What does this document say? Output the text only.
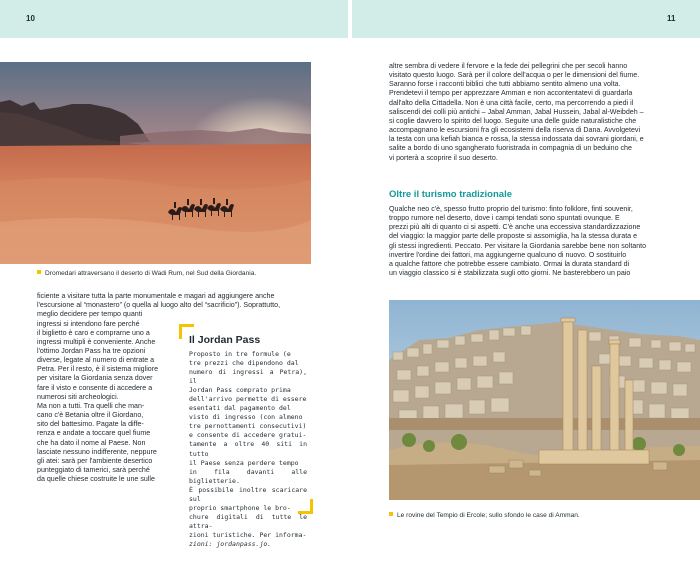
10	11
Dromedari attraversano il deserto di Wadi Rum, nel Sud della Giordania.

ficiente a visitare tutta la parte monumentale e magari ad aggiungere anche

l'escursione al “monastero” (o quella al luogo alto del “sacrificio”). Soprattutto,

meglio decidere per tempo quanti

ingressi si intendono fare perché

il biglietto è caro e comprarne uno a

ingressi multipli è conveniente. Anche

l'ottimo Jordan Pass ha tre opzioni

diverse, legate al numero di entrate a

Petra. Per il resto, è il sistema migliore

per visitare la Giordania senza dover

fare il visto e consente di accedere a

numerosi siti archeologici.

Ma non a tutti. Tra quelli che man-

cano c'è Betania oltre il Giordano,

sito del battesimo. Pagate la diffe-

renza e andate a toccare quel fiume

che ha dato il nome al Paese. Non

lasciate nessuno indifferente, neppure

gli atei: sarà per l'ambiente desertico

punteggiato di tamerici, sarà perché

da quelle chiese costruite le une sulle

Il Jordan Pass
Proposto in tre formule (e
tre prezzi che dipendono dal
numero di ingressi a Petra), il
Jordan Pass comprato prima
dell'arrivo permette di essere
esentati dal pagamento del
visto di ingresso (con almeno
tre pernottamenti consecutivi)
e consente di accedere gratui-
tamente a oltre 40 siti in tutto
il Paese senza perdere tempo
in fila davanti alle biglietterie.
È possibile inoltre scaricare sul
proprio smartphone le bro-
chure digitali di tutte le attra-
zioni turistiche. Per informa-
zioni: jordanpass.jo.

altre sembra di vedere il fervore e la fede dei pellegrini che per secoli hanno

visitato questo luogo. Sarà per il colore dell'acqua o per le dimensioni del fiume.

Saranno forse i racconti biblici che tutti abbiamo sentito almeno una volta.

Prendetevi il tempo per apprezzare Amman e non accontentatevi di guardarla

dall'alto della Cittadella. Non è una città facile, certo, ma percorrendo a piedi il

saliscendi dei colli più antichi – Jabal Amman, Jabal Hussein, Jabal al-Weibdeh –

si coglie davvero lo spirito del luogo. Seguite una delle guide naturalistiche che

accompagnano le escursioni fra gli ecosistemi della riserva di Dana. Avvolgetevi

la testa con una kefiah bianca e rossa, la stessa indossata dai sovrani giordani, e

salite a bordo di uno sgangherato fuoristrada in compagnia di un beduino che

vi porterà a scoprire il suo deserto.

Oltre il turismo tradizionale

Qualche neo c'è, spesso frutto proprio del turismo: finto folklore, finti souvenir,

troppo rumore nel deserto, dove i campi tendati sono spuntati ovunque. E

prezzi più alti di quanto ci si aspetti. C'è anche una eccessiva standardizzazione

del viaggio: la maggior parte delle proposte si assomiglia, ha la stessa durata e

gli stessi ingredienti. Peccato. Per visitare la Giordania sarebbe bene non soltanto

invertire l'ordine dei fattori, ma aggiungerne qualcuno di nuovo. O sostituirlo

a qualche fattore che potrebbe essere cambiato. Ormai la durata standard di

un viaggio classico si è stabilizzata sugli otto giorni. Ne basterebbero un paio

Le rovine del Tempio di Ercole; sullo sfondo le case di Amman.
